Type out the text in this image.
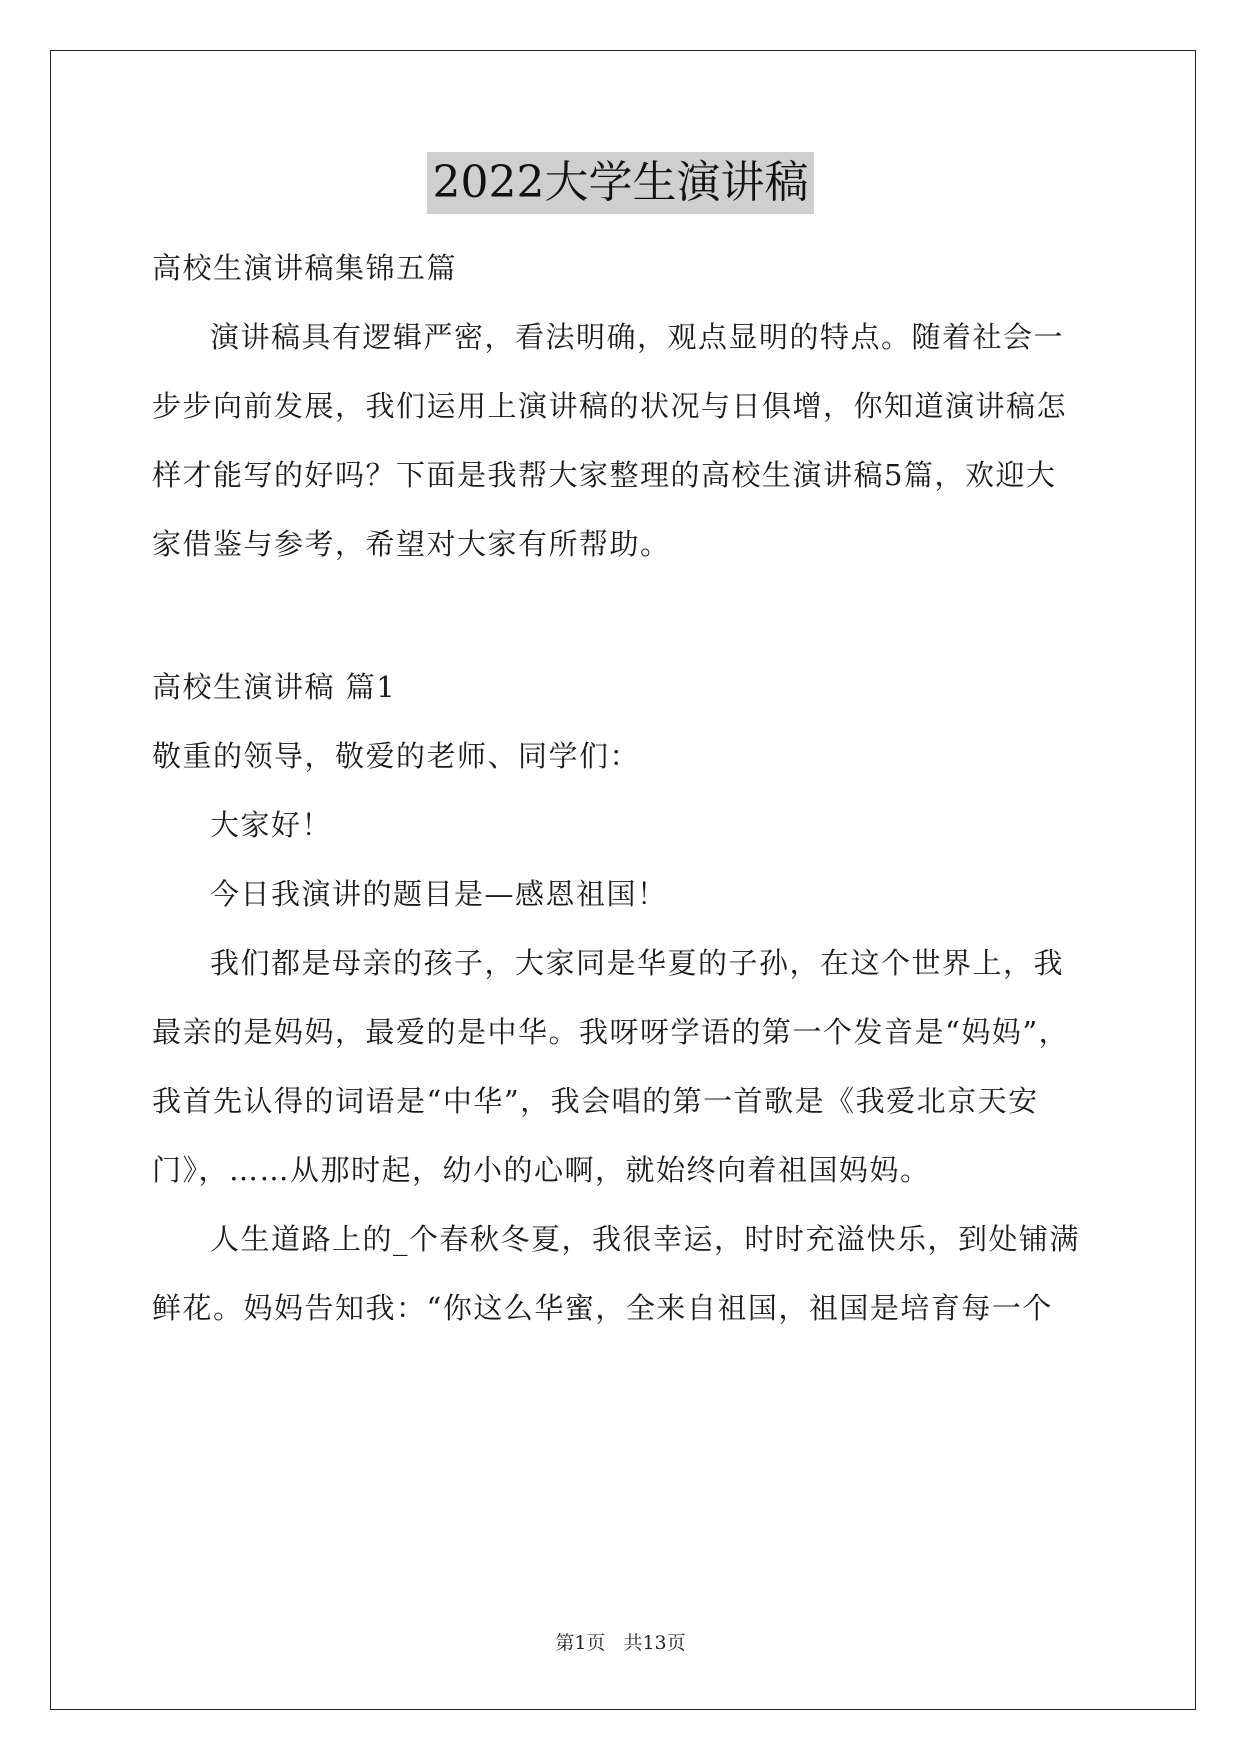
2022大学生演讲稿
高校生演讲稿集锦五篇
演讲稿具有逻辑严密，看法明确，观点显明的特点。随着社会一
步步向前发展，我们运用上演讲稿的状况与日俱增，你知道演讲稿怎
样才能写的好吗？下面是我帮大家整理的高校生演讲稿5篇，欢迎大
家借鉴与参考，希望对大家有所帮助。
高校生演讲稿 篇1
敬重的领导，敬爱的老师、同学们：
大家好！
今日我演讲的题目是—感恩祖国！
我们都是母亲的孩子，大家同是华夏的子孙，在这个世界上，我
最亲的是妈妈，最爱的是中华。我呀呀学语的第一个发音是“妈妈”，
我首先认得的词语是“中华”，我会唱的第一首歌是《我爱北京天安
门》，……从那时起，幼小的心啊，就始终向着祖国妈妈。
人生道路上的_个春秋冬夏，我很幸运，时时充溢快乐，到处铺满
鲜花。妈妈告知我：“你这么华蜜，全来自祖国，祖国是培育每一个
第1页 共13页
